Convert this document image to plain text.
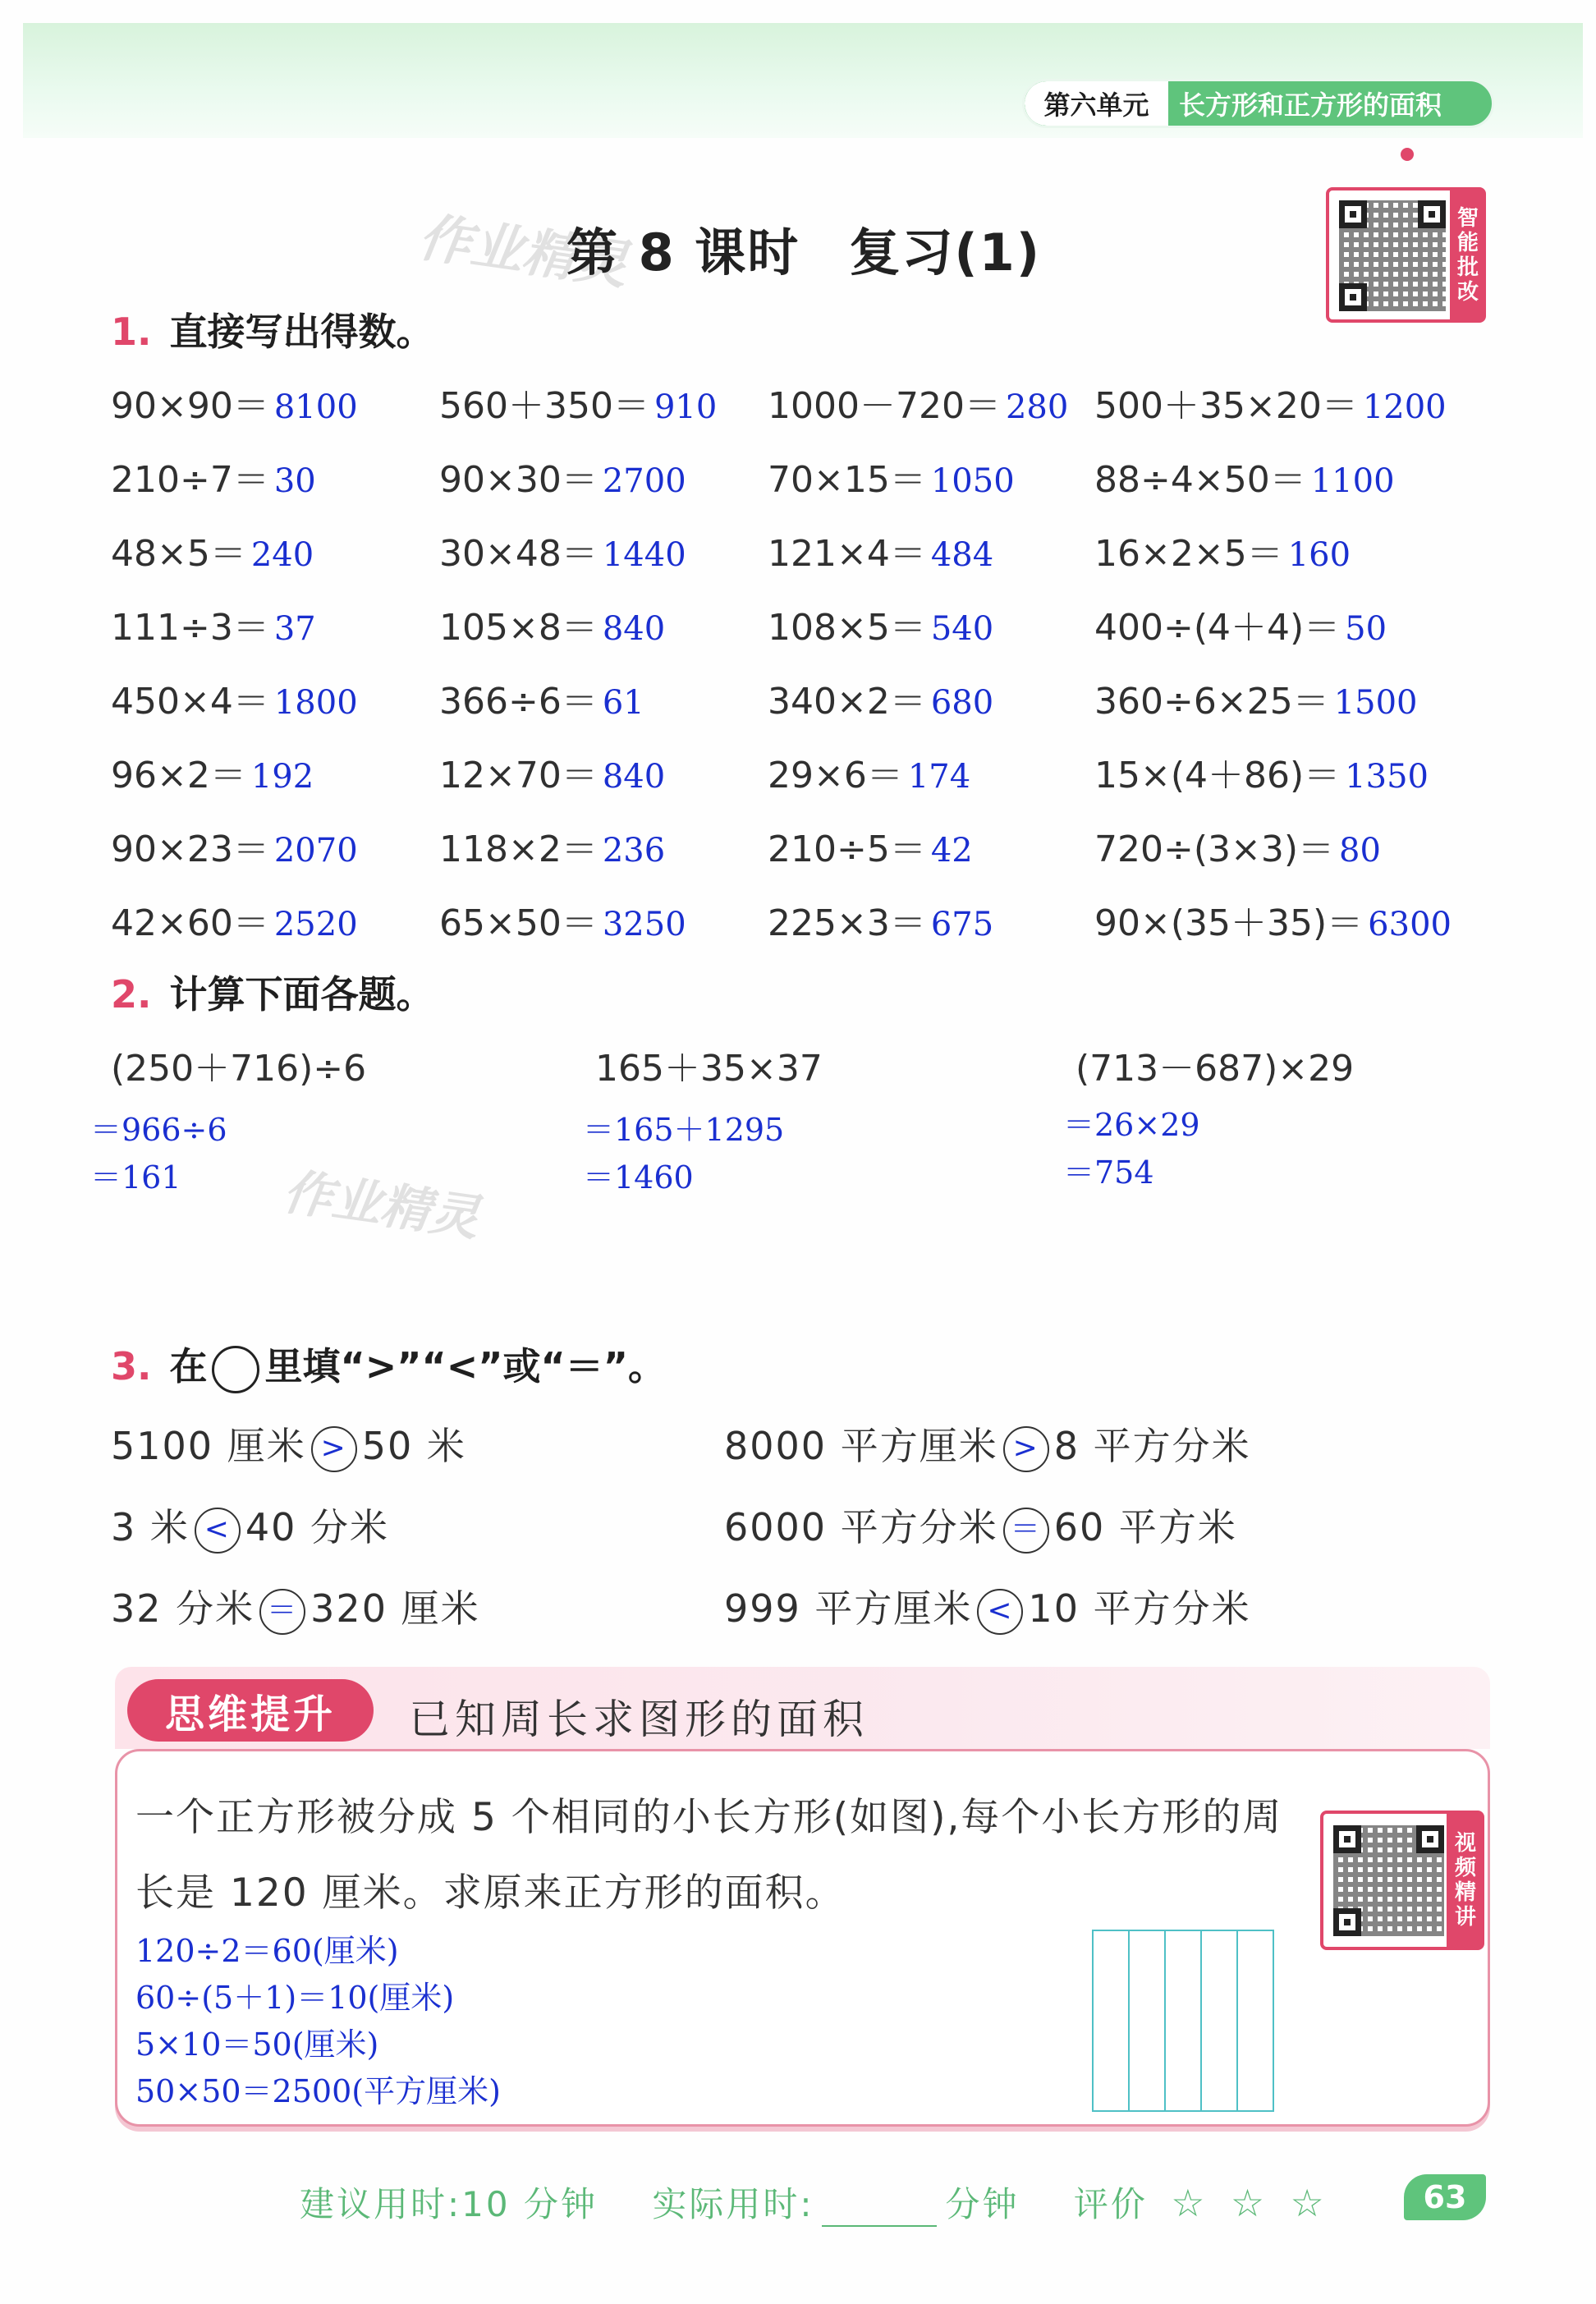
第六单元	长方形和正方形的面积
作业精灵
第 8 课时 复习(1)	智能批改
1. 直接写出得数。
90×90＝ 8100 560＋350＝ 910 1000－720＝ 280 500＋35×20＝ 1200
210÷7＝ 30	90×30＝ 2700 70×15＝ 1050 88÷4×50＝ 1100
48×5＝ 240	30×48＝ 1440 121×4＝ 484	16×2×5＝ 160
111÷3＝ 37	105×8＝ 840	108×5＝ 540	400÷(4＋4)＝ 50
450×4＝ 1800 366÷6＝ 61	340×2＝ 680	360÷6×25＝ 1500
96×2＝ 192	12×70＝ 840	29×6＝ 174	15×(4＋86)＝ 1350
90×23＝ 2070 118×2＝ 236	210÷5＝ 42	720÷(3×3)＝ 80
42×60＝ 2520 65×50＝ 3250 225×3＝ 675	90×(35＋35)＝ 6300
2. 计算下面各题。
(250＋716)÷6
＝966÷6
＝161
165＋35×37
＝165＋1295
＝1460
(713－687)×29
＝26×29
＝754
作业精灵
3. 在 里填“>”“<”或“＝”。
5100 厘米 > 50 米	8000 平方厘米 > 8 平方分米
3 米 < 40 分米	6000 平方分米 ＝ 60 平方米
32 分米 ＝ 320 厘米	999 平方厘米 < 10 平方分米
思维提升	已知周长求图形的面积
一个正方形被分成 5 个相同的小长方形(如图),每个小长方形的周长是 120 厘米。求原来正方形的面积。	视频精讲
120÷2＝60(厘米)
60÷(5＋1)＝10(厘米)
5×10＝50(厘米)
50×50＝2500(平方厘米)
建议用时:10 分钟 实际用时:	分钟 评价 ☆ ☆ ☆	63
